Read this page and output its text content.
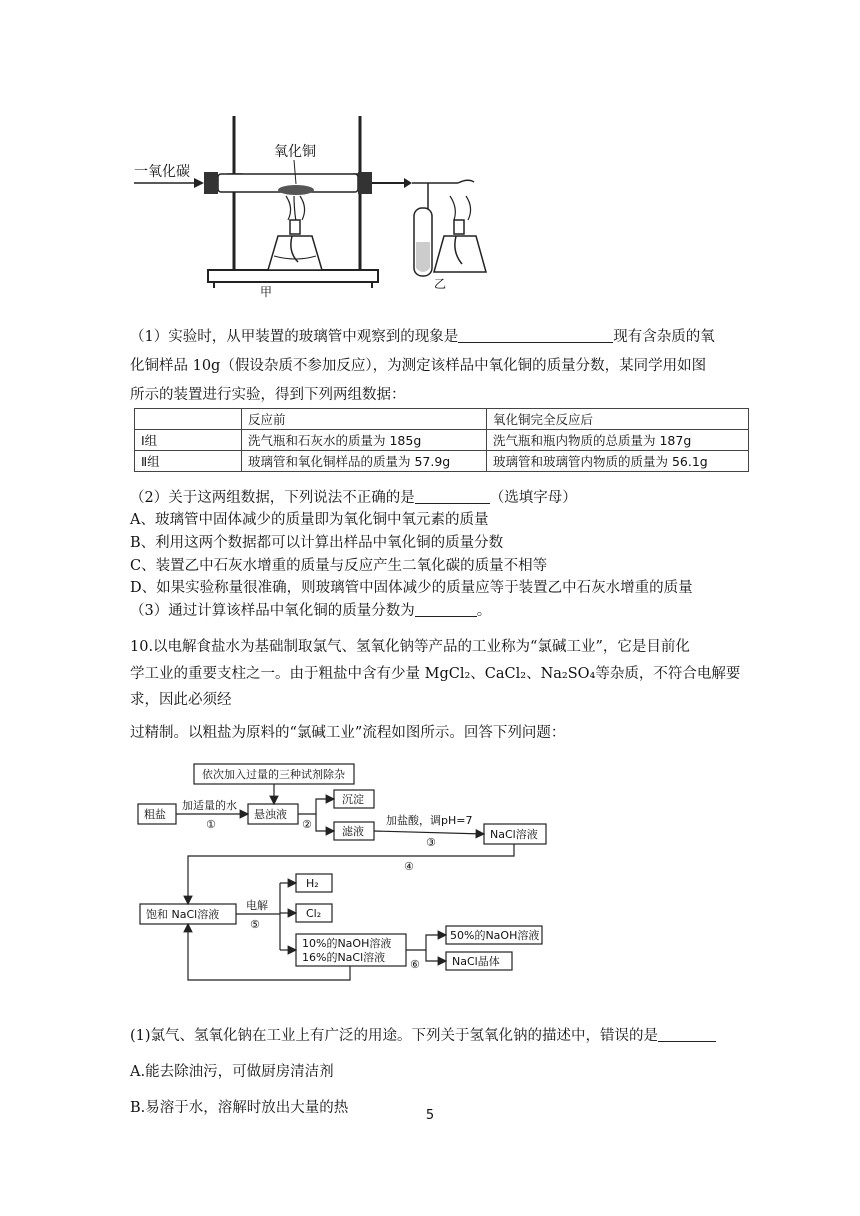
一氧化碳
氧化铜
甲
乙
（1）实验时，从甲装置的玻璃管中观察到的现象是	现有含杂质的氧
化铜样品 10g（假设杂质不参加反应），为测定该样品中氧化铜的质量分数，某同学用如图
所示的装置进行实验，得到下列两组数据：
	反应前	氧化铜完全反应后
Ⅰ组	洗气瓶和石灰水的质量为 185g	洗气瓶和瓶内物质的总质量为 187g
Ⅱ组	玻璃管和氧化铜样品的质量为 57.9g	玻璃管和玻璃管内物质的质量为 56.1g
（2）关于这两组数据，下列说法不正确的是	（选填字母）
A、玻璃管中固体减少的质量即为氧化铜中氧元素的质量
B、利用这两个数据都可以计算出样品中氧化铜的质量分数
C、装置乙中石灰水增重的质量与反应产生二氧化碳的质量不相等
D、如果实验称量很准确，则玻璃管中固体减少的质量应等于装置乙中石灰水增重的质量
（3）通过计算该样品中氧化铜的质量分数为	。
10.以电解食盐水为基础制取氯气、氢氧化钠等产品的工业称为“氯碱工业”，它是目前化
学工业的重要支柱之一。由于粗盐中含有少量 MgCl₂、CaCl₂、Na₂SO₄等杂质，不符合电解要
求，因此必须经
过精制。以粗盐为原料的“氯碱工业”流程如图所示。回答下列问题：
依次加入过量的三种试剂除杂
粗盐
加适量的水
①
悬浊液
②
沉淀
滤液
加盐酸，调pH=7
③
NaCl溶液
④
饱和 NaCl溶液
电解
⑤
H₂
Cl₂
10%的NaOH溶液
16%的NaCl溶液
⑥
50%的NaOH溶液
NaCl晶体
(1)氯气、氢氧化钠在工业上有广泛的用途。下列关于氢氧化钠的描述中，错误的是
A.能去除油污，可做厨房清洁剂
B.易溶于水，溶解时放出大量的热	5
